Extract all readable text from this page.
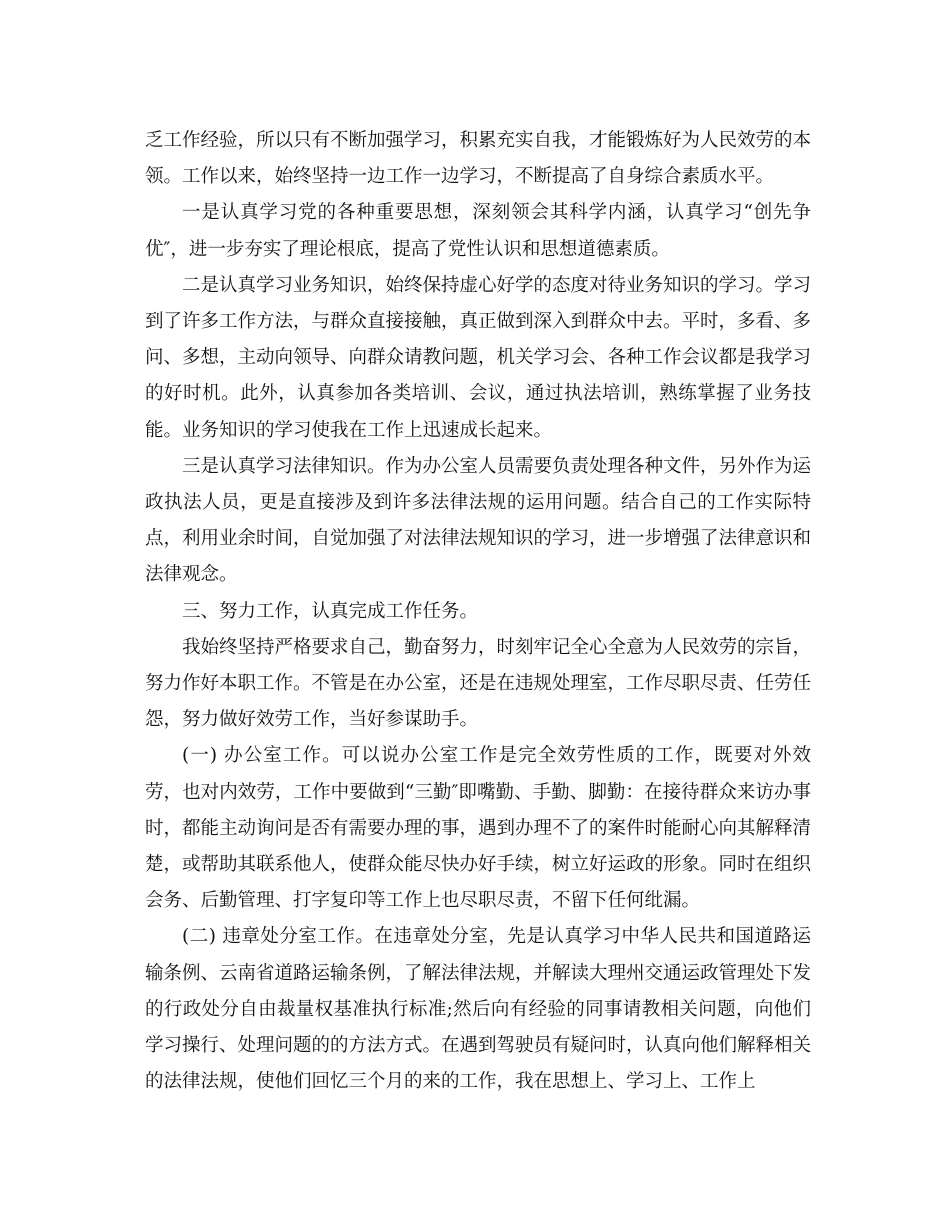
乏工作经验，所以只有不断加强学习，积累充实自我，才能锻炼好为人民效劳的本领。工作以来，始终坚持一边工作一边学习，不断提高了自身综合素质水平。

一是认真学习党的各种重要思想，深刻领会其科学内涵，认真学习“创先争优″，进一步夯实了理论根底，提高了党性认识和思想道德素质。

二是认真学习业务知识，始终保持虚心好学的态度对待业务知识的学习。学习到了许多工作方法，与群众直接接触，真正做到深入到群众中去。平时，多看、多问、多想，主动向领导、向群众请教问题，机关学习会、各种工作会议都是我学习的好时机。此外，认真参加各类培训、会议，通过执法培训，熟练掌握了业务技能。业务知识的学习使我在工作上迅速成长起来。

三是认真学习法律知识。作为办公室人员需要负责处理各种文件，另外作为运政执法人员，更是直接涉及到许多法律法规的运用问题。结合自己的工作实际特点，利用业余时间，自觉加强了对法律法规知识的学习，进一步增强了法律意识和法律观念。

三、努力工作，认真完成工作任务。

我始终坚持严格要求自己，勤奋努力，时刻牢记全心全意为人民效劳的宗旨，努力作好本职工作。不管是在办公室，还是在违规处理室，工作尽职尽责、任劳任怨，努力做好效劳工作，当好参谋助手。

(一) 办公室工作。可以说办公室工作是完全效劳性质的工作，既要对外效劳，也对内效劳，工作中要做到“三勤″即嘴勤、手勤、脚勤：在接待群众来访办事时，都能主动询问是否有需要办理的事，遇到办理不了的案件时能耐心向其解释清楚，或帮助其联系他人，使群众能尽快办好手续，树立好运政的形象。同时在组织会务、后勤管理、打字复印等工作上也尽职尽责，不留下任何纰漏。

(二) 违章处分室工作。在违章处分室，先是认真学习中华人民共和国道路运输条例、云南省道路运输条例，了解法律法规，并解读大理州交通运政管理处下发的行政处分自由裁量权基准执行标准;然后向有经验的同事请教相关问题，向他们学习操行、处理问题的的方法方式。在遇到驾驶员有疑问时，认真向他们解释相关的法律法规，使他们回忆三个月的来的工作，我在思想上、学习上、工作上
